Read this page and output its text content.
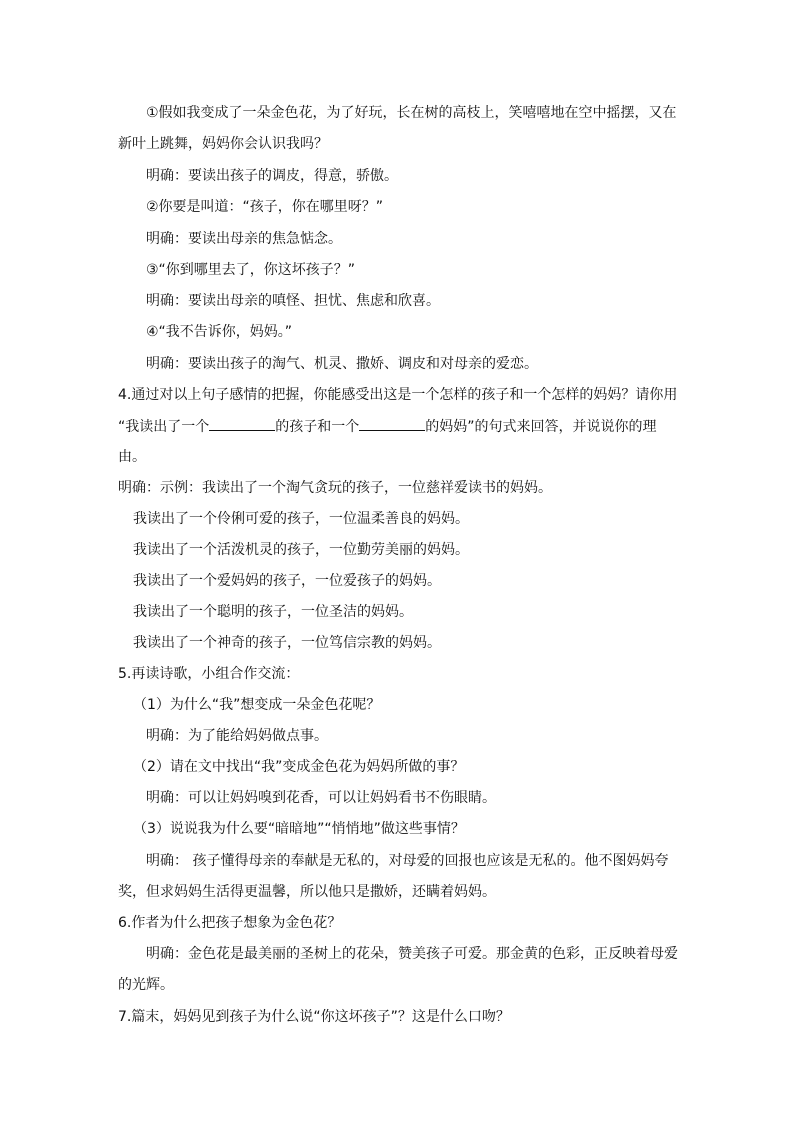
①假如我变成了一朵金色花，为了好玩，长在树的高枝上，笑嘻嘻地在空中摇摆，又在
新叶上跳舞，妈妈你会认识我吗？
明确：要读出孩子的调皮，得意，骄傲。
②你要是叫道：“孩子，你在哪里呀？”
明确：要读出母亲的焦急惦念。
③“你到哪里去了，你这坏孩子？”
明确：要读出母亲的嗔怪、担忧、焦虑和欣喜。
④“我不告诉你，妈妈。”
明确：要读出孩子的淘气、机灵、撒娇、调皮和对母亲的爱恋。
4.通过对以上句子感情的把握，你能感受出这是一个怎样的孩子和一个怎样的妈妈？请你用
“我读出了一个	的孩子和一个	的妈妈”的句式来回答，并说说你的理
由。
明确：示例：我读出了一个淘气贪玩的孩子，一位慈祥爱读书的妈妈。
我读出了一个伶俐可爱的孩子，一位温柔善良的妈妈。
我读出了一个活泼机灵的孩子，一位勤劳美丽的妈妈。
我读出了一个爱妈妈的孩子，一位爱孩子的妈妈。
我读出了一个聪明的孩子，一位圣洁的妈妈。
我读出了一个神奇的孩子，一位笃信宗教的妈妈。
5.再读诗歌，小组合作交流：
（1）为什么“我”想变成一朵金色花呢？
明确：为了能给妈妈做点事。
（2）请在文中找出“我”变成金色花为妈妈所做的事？
明确：可以让妈妈嗅到花香，可以让妈妈看书不伤眼睛。
（3）说说我为什么要“暗暗地”“悄悄地”做这些事情？
明确： 孩子懂得母亲的奉献是无私的，对母爱的回报也应该是无私的。他不图妈妈夸
奖，但求妈妈生活得更温馨，所以他只是撒娇，还瞒着妈妈。
6.作者为什么把孩子想象为金色花？
明确：金色花是最美丽的圣树上的花朵，赞美孩子可爱。那金黄的色彩，正反映着母爱
的光辉。
7.篇末，妈妈见到孩子为什么说“你这坏孩子”？这是什么口吻？
